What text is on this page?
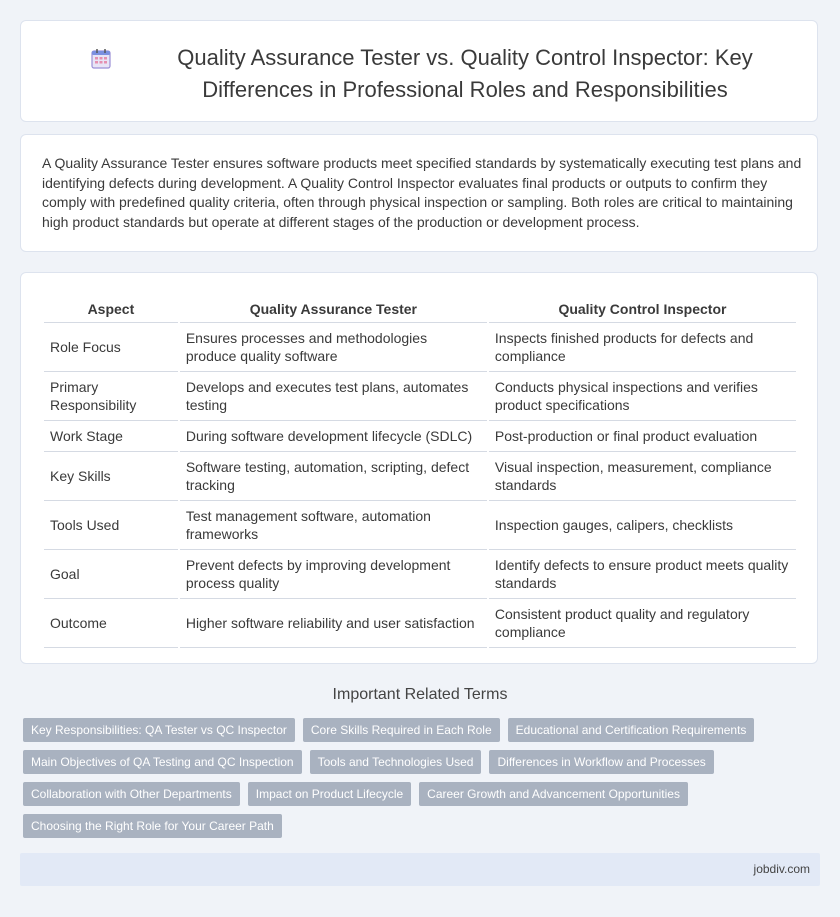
Quality Assurance Tester vs. Quality Control Inspector: Key Differences in Professional Roles and Responsibilities

A Quality Assurance Tester ensures software products meet specified standards by systematically executing test plans and identifying defects during development. A Quality Control Inspector evaluates final products or outputs to confirm they comply with predefined quality criteria, often through physical inspection or sampling. Both roles are critical to maintaining high product standards but operate at different stages of the production or development process.

Aspect	Quality Assurance Tester	Quality Control Inspector
Role Focus	Ensures processes and methodologies produce quality software	Inspects finished products for defects and compliance
Primary Responsibility	Develops and executes test plans, automates testing	Conducts physical inspections and verifies product specifications
Work Stage	During software development lifecycle (SDLC)	Post-production or final product evaluation
Key Skills	Software testing, automation, scripting, defect tracking	Visual inspection, measurement, compliance standards
Tools Used	Test management software, automation frameworks	Inspection gauges, calipers, checklists
Goal	Prevent defects by improving development process quality	Identify defects to ensure product meets quality standards
Outcome	Higher software reliability and user satisfaction	Consistent product quality and regulatory compliance
Important Related Terms
Key Responsibilities: QA Tester vs QC Inspector	Core Skills Required in Each Role	Educational and Certification Requirements
Main Objectives of QA Testing and QC Inspection	Tools and Technologies Used	Differences in Workflow and Processes
Collaboration with Other Departments	Impact on Product Lifecycle	Career Growth and Advancement Opportunities
Choosing the Right Role for Your Career Path
jobdiv.com
